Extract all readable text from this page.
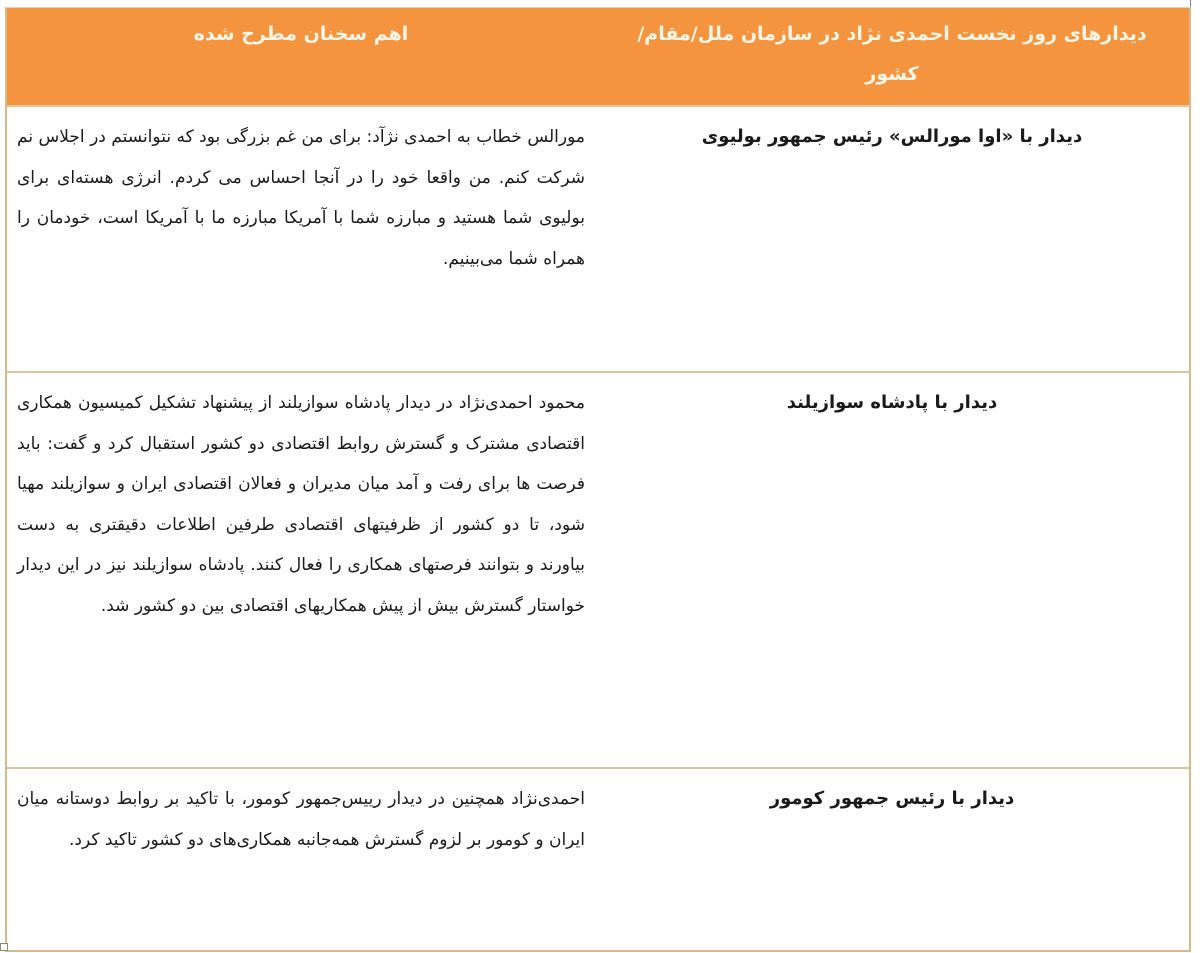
دیدارهای روز نخست احمدی نژاد در سازمان ملل/مقام/کشور
اهم سخنان مطرح شده
دیدار با «اوا مورالس» رئیس جمهور بولیوی

مورالس خطاب به احمدی نژآد: برای من غم بزرگی بود که نتوانستم در اجلاس نم شرکت کنم. من واقعا خود را در آنجا احساس می کردم. انرژی هسته‌ای برای بولیوی شما هستید و مبارزه شما با آمریکا مبارزه ما با آمریکا است، خودمان را همراه شما می‌بینیم.

دیدار با پادشاه سوازیلند

محمود احمدی‌نژاد در دیدار پادشاه سوازیلند از پیشنهاد تشکیل کمیسیون همکاری اقتصادی مشترک و گسترش روابط اقتصادی دو کشور استقبال کرد و گفت: باید فرصت ها برای رفت و آمد میان مدیران و فعالان اقتصادی ایران و سوازیلند مهیا شود، تا دو کشور از ظرفیتهای اقتصادی طرفین اطلاعات دقیقتری به دست بیاورند و بتوانند فرصتهای همکاری را فعال کنند. پادشاه سوازیلند نیز در این دیدار خواستار گسترش بیش از پیش همکاریهای اقتصادی بین دو کشور شد.

دیدار با رئیس جمهور کومور

احمدی‌نژاد همچنین در دیدار رییس‌جمهور کومور، با تاکید بر روابط دوستانه میان ایران و کومور بر لزوم گسترش همه‌جانبه همکاری‌های دو کشور تاکید کرد.
